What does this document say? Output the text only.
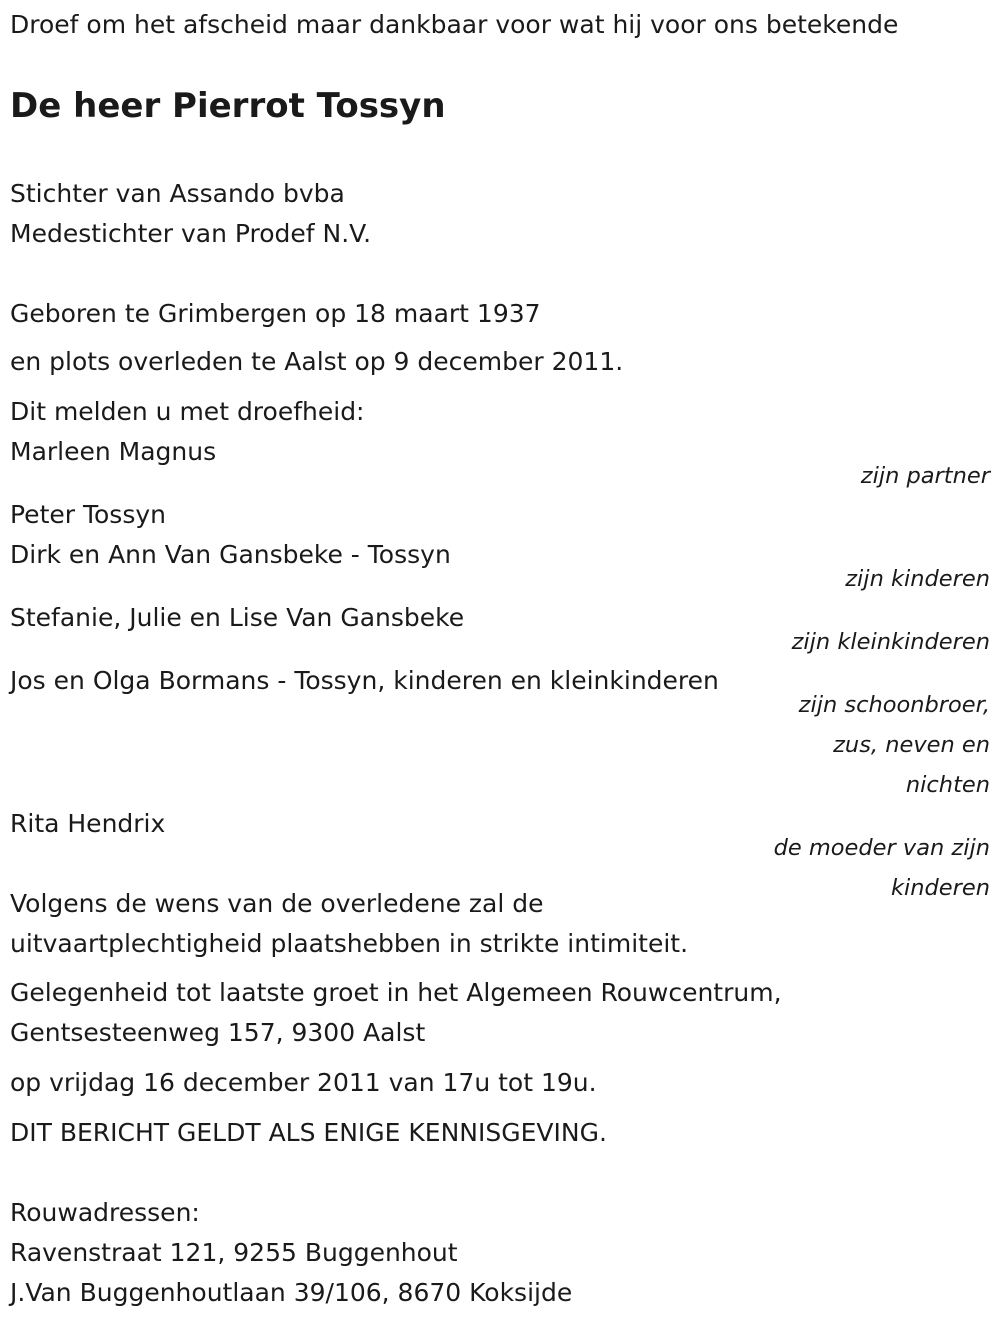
Droef om het afscheid maar dankbaar voor wat hij voor ons betekende
De heer Pierrot Tossyn
Stichter van Assando bvba
Medestichter van Prodef N.V.
Geboren te Grimbergen op 18 maart 1937
en plots overleden te Aalst op 9 december 2011.
Dit melden u met droefheid:
Marleen Magnus
zijn partner
Peter Tossyn
Dirk en Ann Van Gansbeke - Tossyn
zijn kinderen
Stefanie, Julie en Lise Van Gansbeke
zijn kleinkinderen
Jos en Olga Bormans - Tossyn, kinderen en kleinkinderen
zijn schoonbroer,
zus, neven en
nichten
Rita Hendrix
de moeder van zijn
kinderen
Volgens de wens van de overledene zal de
uitvaartplechtigheid plaatshebben in strikte intimiteit.
Gelegenheid tot laatste groet in het Algemeen Rouwcentrum,
Gentsesteenweg 157, 9300 Aalst
op vrijdag 16 december 2011 van 17u tot 19u.
DIT BERICHT GELDT ALS ENIGE KENNISGEVING.
Rouwadressen:
Ravenstraat 121, 9255 Buggenhout
J.Van Buggenhoutlaan 39/106, 8670 Koksijde
